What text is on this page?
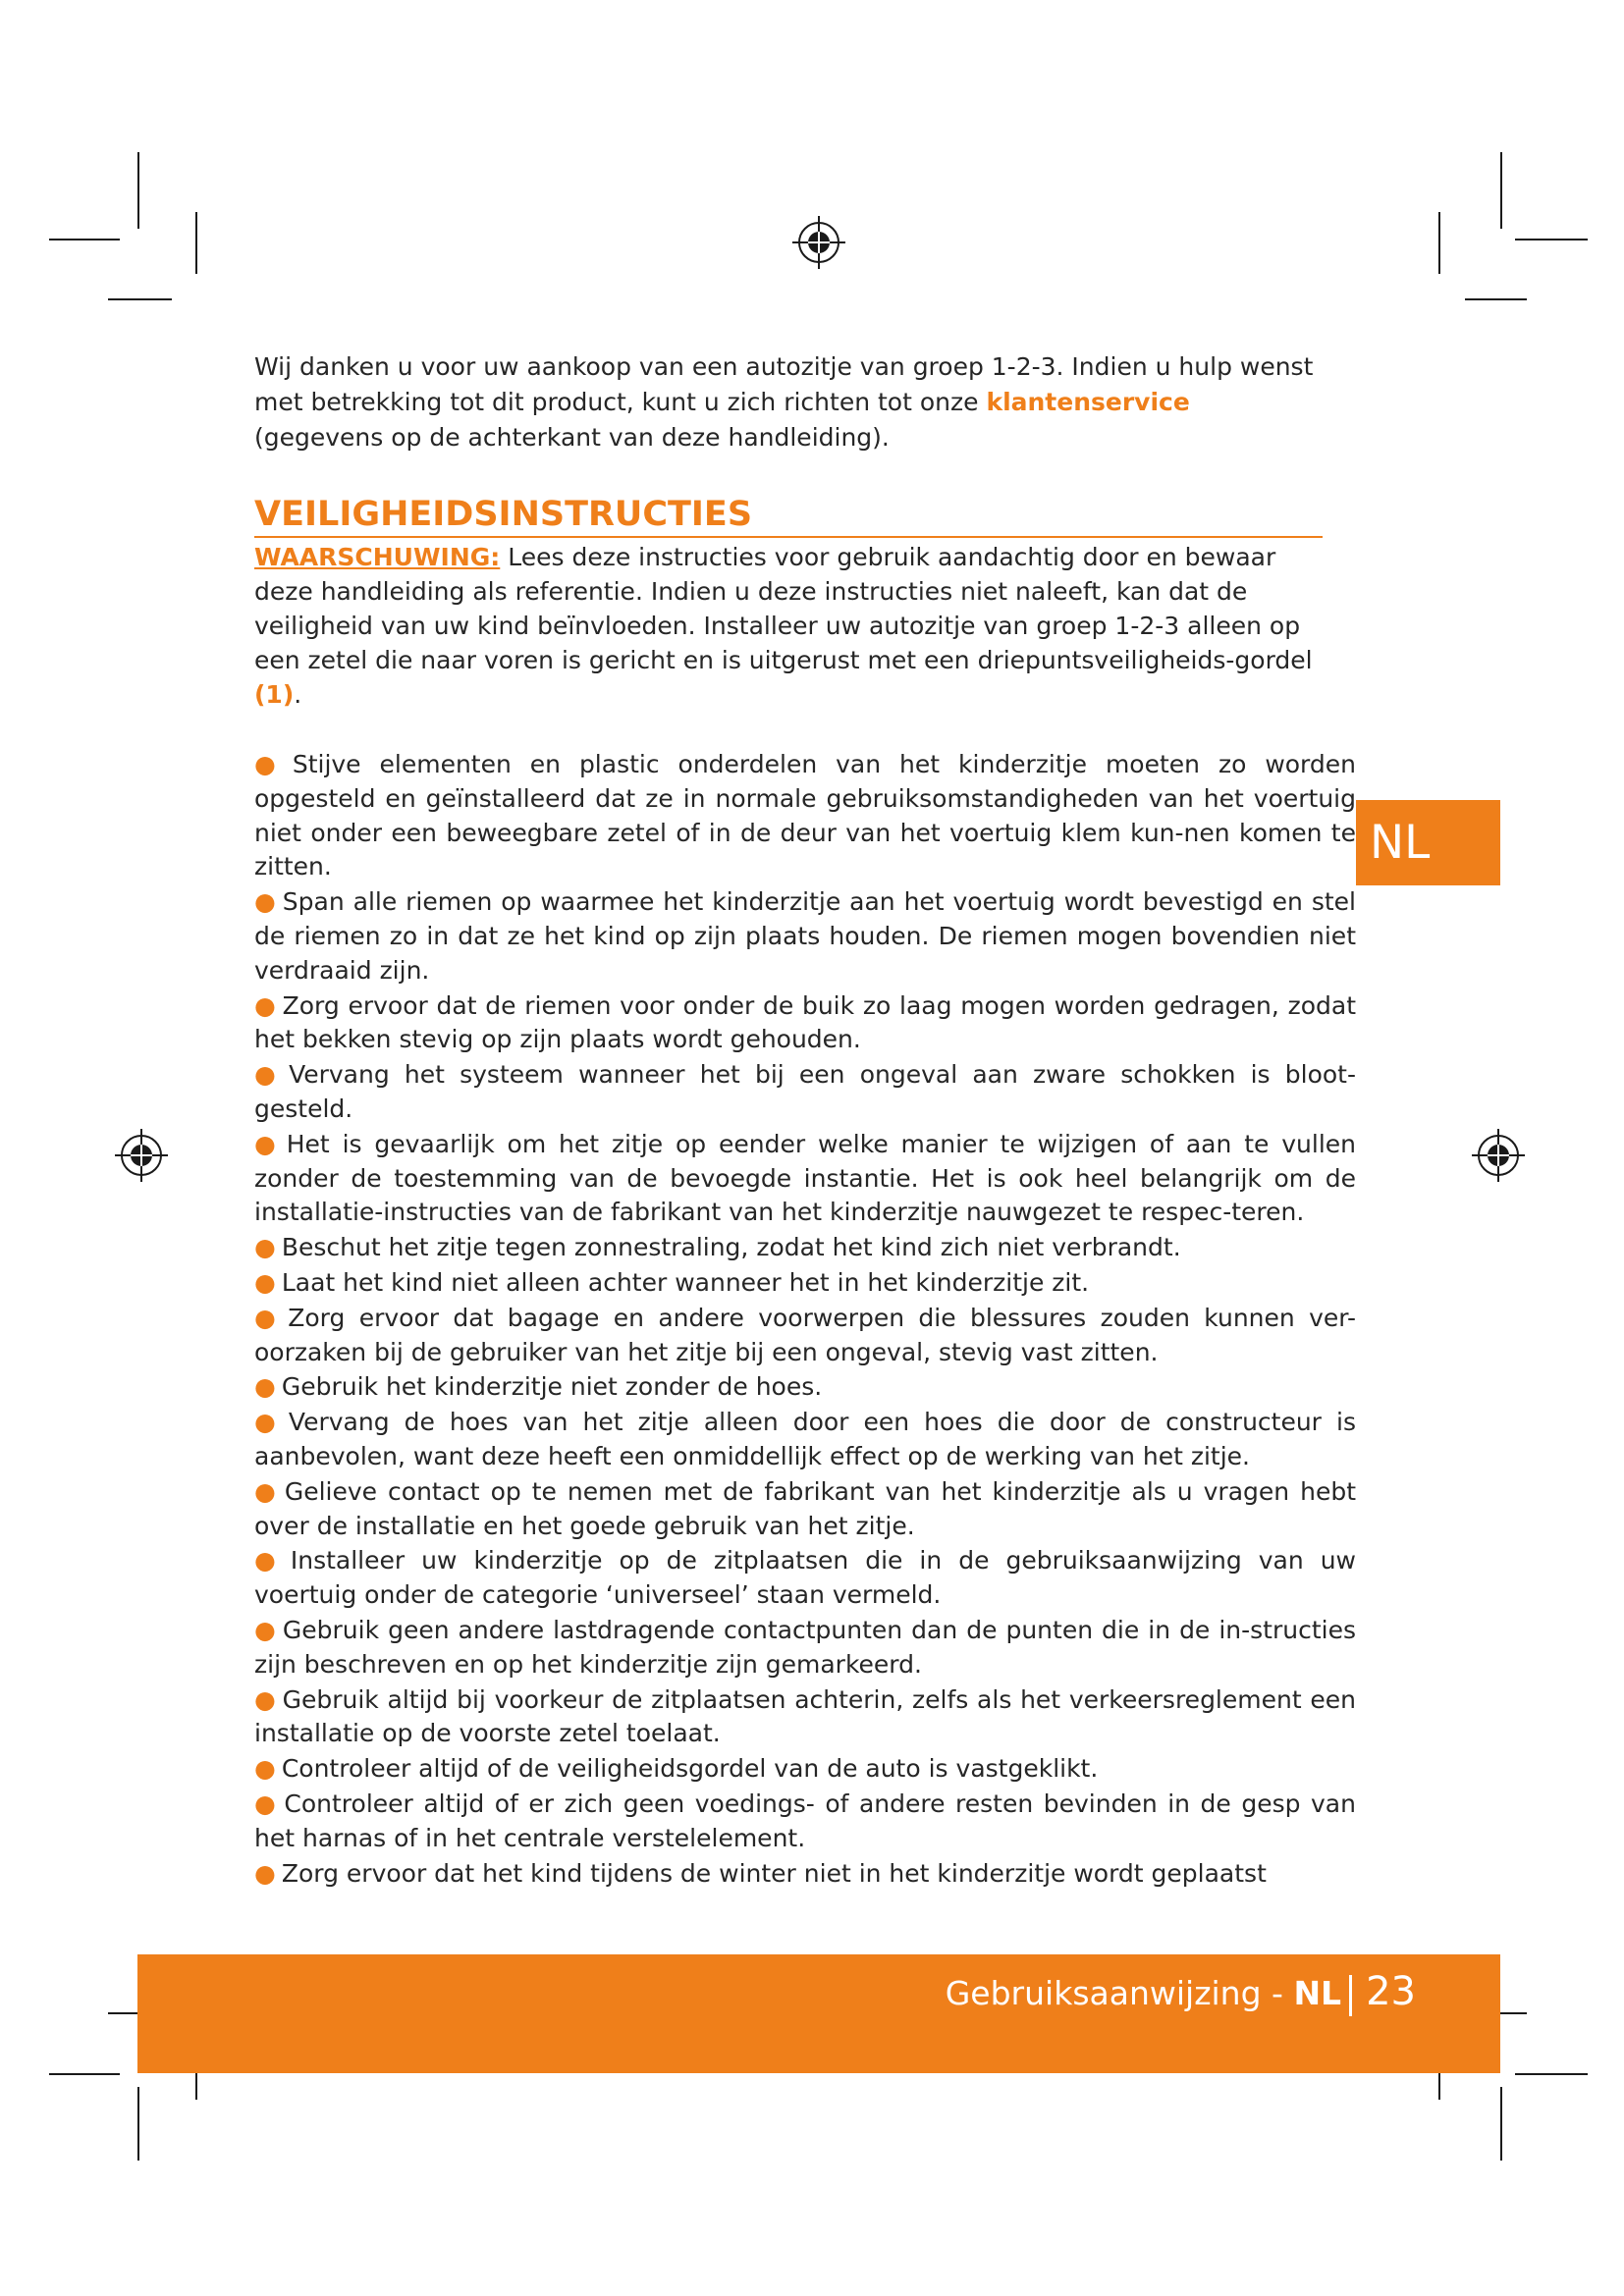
Wij danken u voor uw aankoop van een autozitje van groep 1-2-3. Indien u hulp wenst met betrekking tot dit product, kunt u zich richten tot onze klantenservice (gegevens op de achterkant van deze handleiding).

VEILIGHEIDSINSTRUCTIES

WAARSCHUWING: Lees deze instructies voor gebruik aandachtig door en bewaar deze handleiding als referentie. Indien u deze instructies niet naleeft, kan dat de veiligheid van uw kind beïnvloeden. Installeer uw autozitje van groep 1-2-3 alleen op een zetel die naar voren is gericht en is uitgerust met een driepuntsveiligheids-gordel (1).

● Stijve elementen en plastic onderdelen van het kinderzitje moeten zo worden opgesteld en geïnstalleerd dat ze in normale gebruiksomstandigheden van het voertuig niet onder een beweegbare zetel of in de deur van het voertuig klem kun-nen komen te zitten.

● Span alle riemen op waarmee het kinderzitje aan het voertuig wordt bevestigd en stel de riemen zo in dat ze het kind op zijn plaats houden. De riemen mogen bovendien niet verdraaid zijn.

● Zorg ervoor dat de riemen voor onder de buik zo laag mogen worden gedragen, zodat het bekken stevig op zijn plaats wordt gehouden.

● Vervang het systeem wanneer het bij een ongeval aan zware schokken is bloot-gesteld.

● Het is gevaarlijk om het zitje op eender welke manier te wijzigen of aan te vullen zonder de toestemming van de bevoegde instantie. Het is ook heel belangrijk om de installatie-instructies van de fabrikant van het kinderzitje nauwgezet te respec-teren.

● Beschut het zitje tegen zonnestraling, zodat het kind zich niet verbrandt.

● Laat het kind niet alleen achter wanneer het in het kinderzitje zit.

● Zorg ervoor dat bagage en andere voorwerpen die blessures zouden kunnen ver-oorzaken bij de gebruiker van het zitje bij een ongeval, stevig vast zitten.

● Gebruik het kinderzitje niet zonder de hoes.

● Vervang de hoes van het zitje alleen door een hoes die door de constructeur is aanbevolen, want deze heeft een onmiddellijk effect op de werking van het zitje.

● Gelieve contact op te nemen met de fabrikant van het kinderzitje als u vragen hebt over de installatie en het goede gebruik van het zitje.

● Installeer uw kinderzitje op de zitplaatsen die in de gebruiksaanwijzing van uw voertuig onder de categorie ‘universeel’ staan vermeld.

● Gebruik geen andere lastdragende contactpunten dan de punten die in de in-structies zijn beschreven en op het kinderzitje zijn gemarkeerd.

● Gebruik altijd bij voorkeur de zitplaatsen achterin, zelfs als het verkeersreglement een installatie op de voorste zetel toelaat.

● Controleer altijd of de veiligheidsgordel van de auto is vastgeklikt.

● Controleer altijd of er zich geen voedings- of andere resten bevinden in de gesp van het harnas of in het centrale verstelelement.

● Zorg ervoor dat het kind tijdens de winter niet in het kinderzitje wordt geplaatst

NL
Gebruiksaanwijzing - NL 23
